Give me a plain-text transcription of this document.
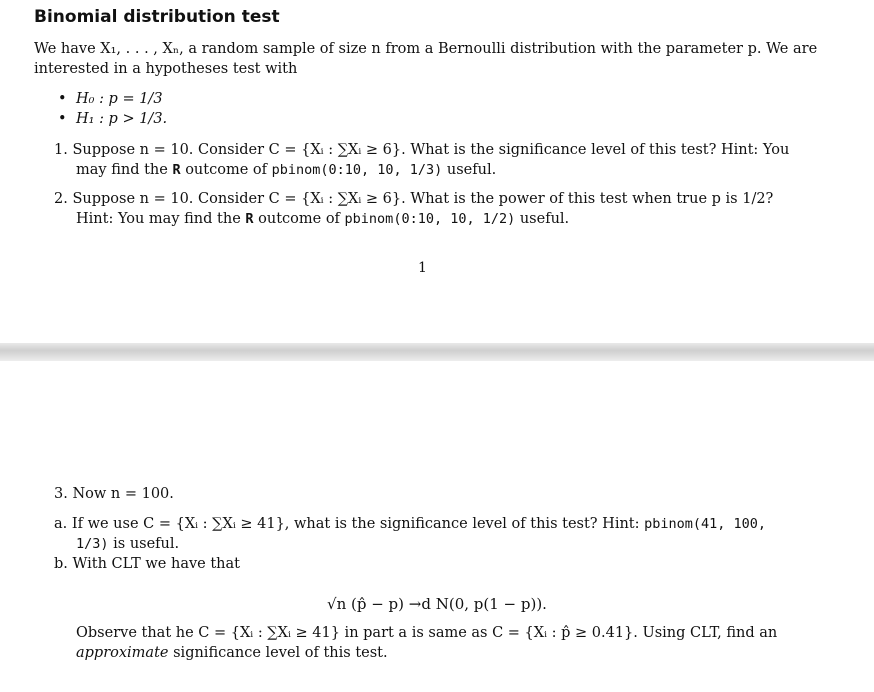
Binomial distribution test
We have X₁, . . . , Xₙ, a random sample of size n from a Bernoulli distribution with the parameter p. We are
interested in a hypotheses test with
• H₀ : p = 1/3
• H₁ : p > 1/3.
1. Suppose n = 10. Consider C = {Xᵢ : ∑Xᵢ ≥ 6}. What is the significance level of this test? Hint: You
may find the R outcome of pbinom(0:10, 10, 1/3) useful.
2. Suppose n = 10. Consider C = {Xᵢ : ∑Xᵢ ≥ 6}. What is the power of this test when true p is 1/2?
Hint: You may find the R outcome of pbinom(0:10, 10, 1/2) useful.
1
3. Now n = 100.
a. If we use C = {Xᵢ : ∑Xᵢ ≥ 41}, what is the significance level of this test? Hint: pbinom(41, 100,
1/3) is useful.
b. With CLT we have that
√n (p̂ − p) →d N(0, p(1 − p)).
Observe that he C = {Xᵢ : ∑Xᵢ ≥ 41} in part a is same as C = {Xᵢ : p̂ ≥ 0.41}. Using CLT, find an
approximate significance level of this test.
